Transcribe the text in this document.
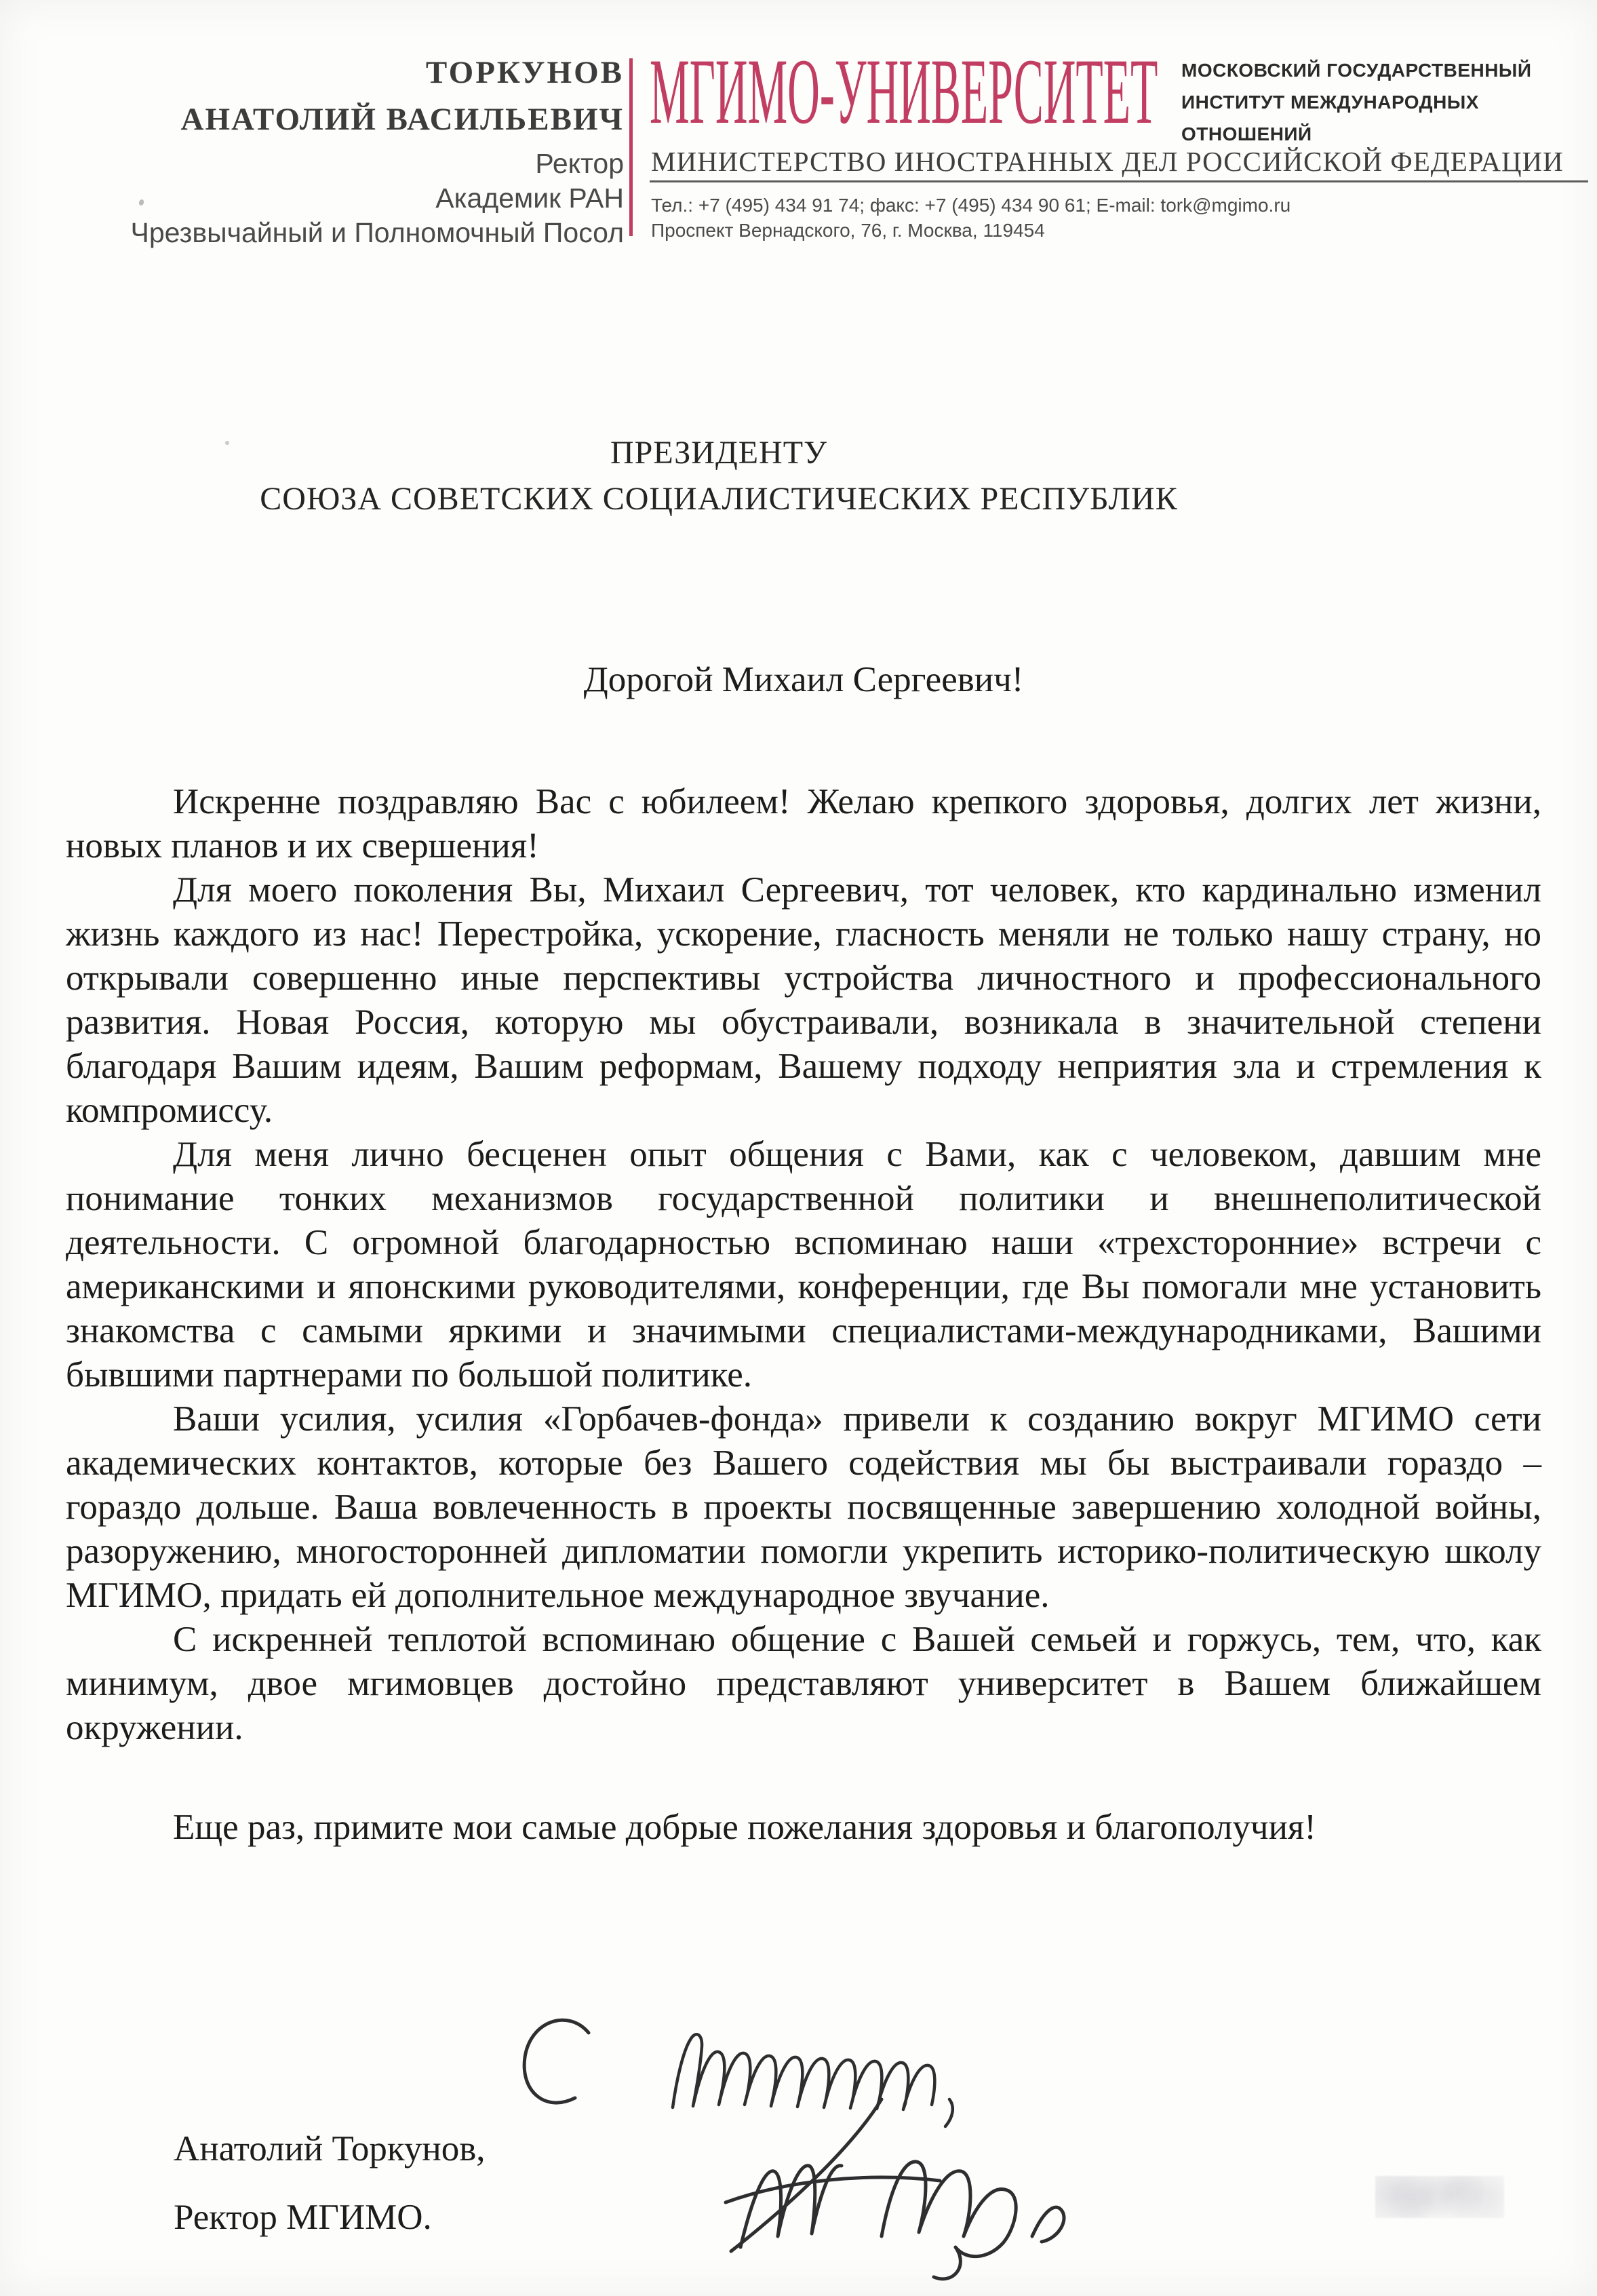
ТОРКУНОВ
АНАТОЛИЙ ВАСИЛЬЕВИЧ
Ректор
Академик РАН
Чрезвычайный и Полномочный Посол
МГИМО-УНИВЕРСИТЕТ МОСКОВСКИЙ ГОСУДАРСТВЕННЫЙ
ИНСТИТУТ МЕЖДУНАРОДНЫХ
ОТНОШЕНИЙ
МИНИСТЕРСТВО ИНОСТРАННЫХ ДЕЛ РОССИЙСКОЙ ФЕДЕРАЦИИ
Тел.: +7 (495) 434 91 74; факс: +7 (495) 434 90 61; E-mail: tork@mgimo.ru
Проспект Вернадского, 76, г. Москва, 119454
ПРЕЗИДЕНТУ
СОЮЗА СОВЕТСКИХ СОЦИАЛИСТИЧЕСКИХ РЕСПУБЛИК
Дорогой Михаил Сергеевич!

Искренне поздравляю Вас с юбилеем! Желаю крепкого здоровья, долгих лет жизни, новых планов и их свершения!

Для моего поколения Вы, Михаил Сергеевич, тот человек, кто кардинально изменил жизнь каждого из нас! Перестройка, ускорение, гласность меняли не только нашу страну, но открывали совершенно иные перспективы устройства личностного и профессионального развития. Новая Россия, которую мы обустраивали, возникала в значительной степени благодаря Вашим идеям, Вашим реформам, Вашему подходу неприятия зла и стремления к компромиссу.

Для меня лично бесценен опыт общения с Вами, как с человеком, давшим мне понимание тонких механизмов государственной политики и внешнеполитической деятельности. С огромной благодарностью вспоминаю наши «трехсторонние» встречи с американскими и японскими руководителями, конференции, где Вы помогали мне установить знакомства с самыми яркими и значимыми специалистами-международниками, Вашими бывшими партнерами по большой политике.

Ваши усилия, усилия «Горбачев-фонда» привели к созданию вокруг МГИМО сети академических контактов, которые без Вашего содействия мы бы выстраивали гораздо – гораздо дольше. Ваша вовлеченность в проекты посвященные завершению холодной войны, разоружению, многосторонней дипломатии помогли укрепить историко-политическую школу МГИМО, придать ей дополнительное международное звучание.

С искренней теплотой вспоминаю общение с Вашей семьей и горжусь, тем, что, как минимум, двое мгимовцев достойно представляют университет в Вашем ближайшем окружении.

Еще раз, примите мои самые добрые пожелания здоровья и благополучия!

Анатолий Торкунов,
Ректор МГИМО.
